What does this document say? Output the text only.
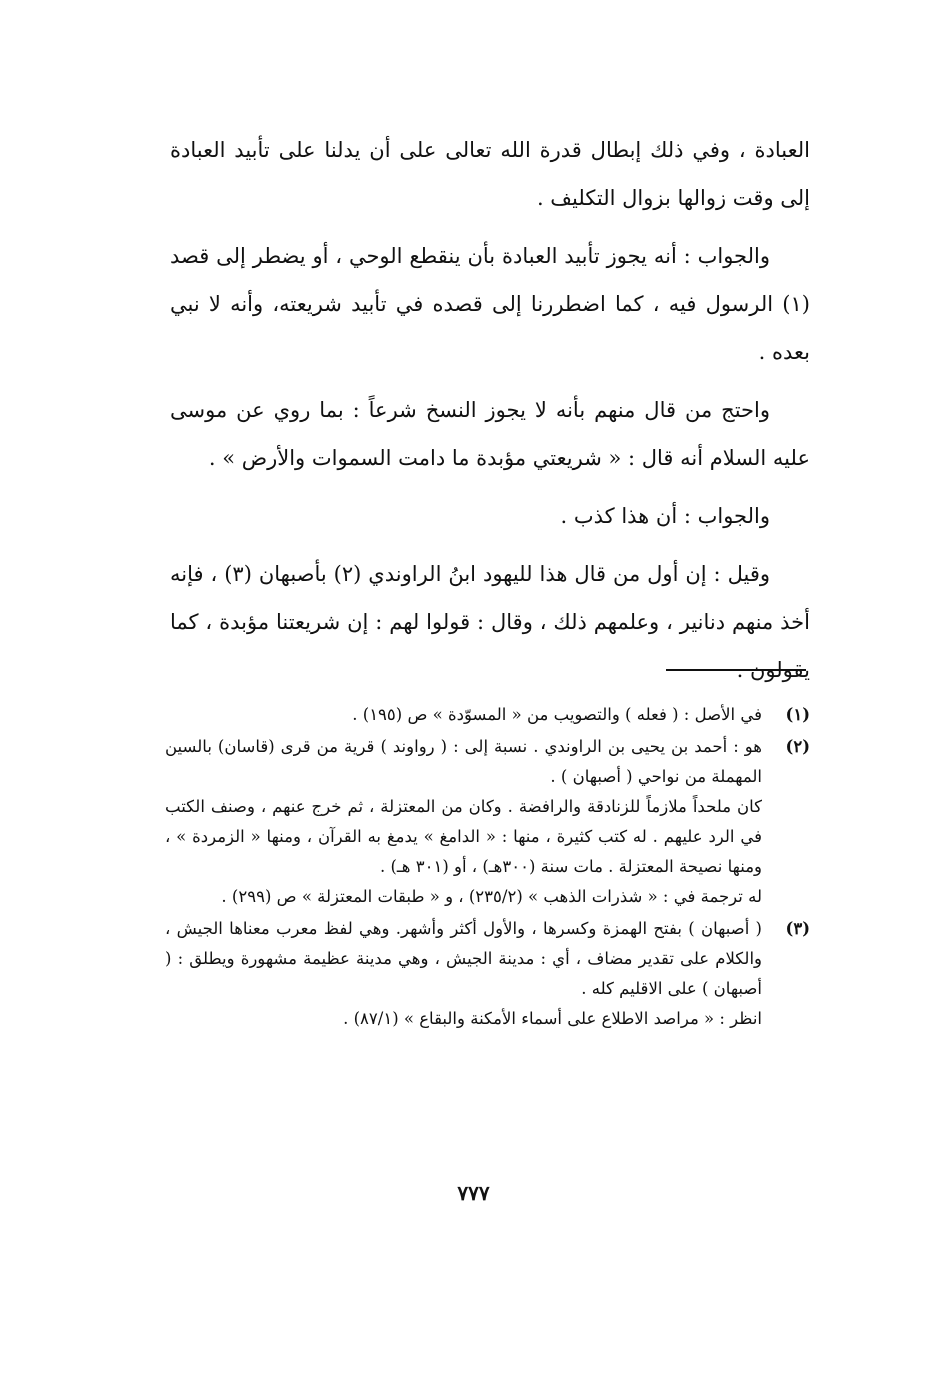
العبادة ، وفي ذلك إبطال قدرة الله تعالى على أن يدلنا على تأبيد العبادة إلى وقت زوالها بزوال التكليف .

والجواب : أنه يجوز تأبيد العبادة بأن ينقطع الوحي ، أو يضطر إلى قصد (١) الرسول فيه ، كما اضطررنا إلى قصده في تأبيد شريعته، وأنه لا نبي بعده .

واحتج من قال منهم بأنه لا يجوز النسخ شرعاً : بما روي عن موسى عليه السلام أنه قال : « شريعتي مؤبدة ما دامت السموات والأرض » .

والجواب : أن هذا كذب .

وقيل : إن أول من قال هذا لليهود ابنُ الراوندي (٢) بأصبهان (٣) ، فإنه أخذ منهم دنانير ، وعلمهم ذلك ، وقال : قولوا لهم : إن شريعتنا مؤبدة ، كما يقولون .

(١)
في الأصل : ( فعله ) والتصويب من « المسوّدة » ص (١٩٥) .
(٢)
هو : أحمد بن يحيى بن الراوندي . نسبة إلى : ( رواوند ) قرية من قرى (قاسان) بالسين المهملة من نواحي ( أصبهان ) .
كان ملحداً ملازماً للزنادقة والرافضة . وكان من المعتزلة ، ثم خرج عنهم ، وصنف الكتب في الرد عليهم . له كتب كثيرة ، منها : « الدامغ » يدمغ به القرآن ، ومنها « الزمردة » ، ومنها نصيحة المعتزلة . مات سنة (٣٠٠هـ) ، أو (٣٠١ هـ) .
له ترجمة في : « شذرات الذهب » (٢٣٥/٢) ، و « طبقات المعتزلة » ص (٢٩٩) .
(٣)
( أصبهان ) بفتح الهمزة وكسرها ، والأول أكثر وأشهر. وهي لفظ معرب معناها الجيش ، والكلام على تقدير مضاف ، أي : مدينة الجيش ، وهي مدينة عظيمة مشهورة ويطلق : ( أصبهان ) على الاقليم كله .
انظر : « مراصد الاطلاع على أسماء الأمكنة والبقاع » (٨٧/١) .
٧٧٧
